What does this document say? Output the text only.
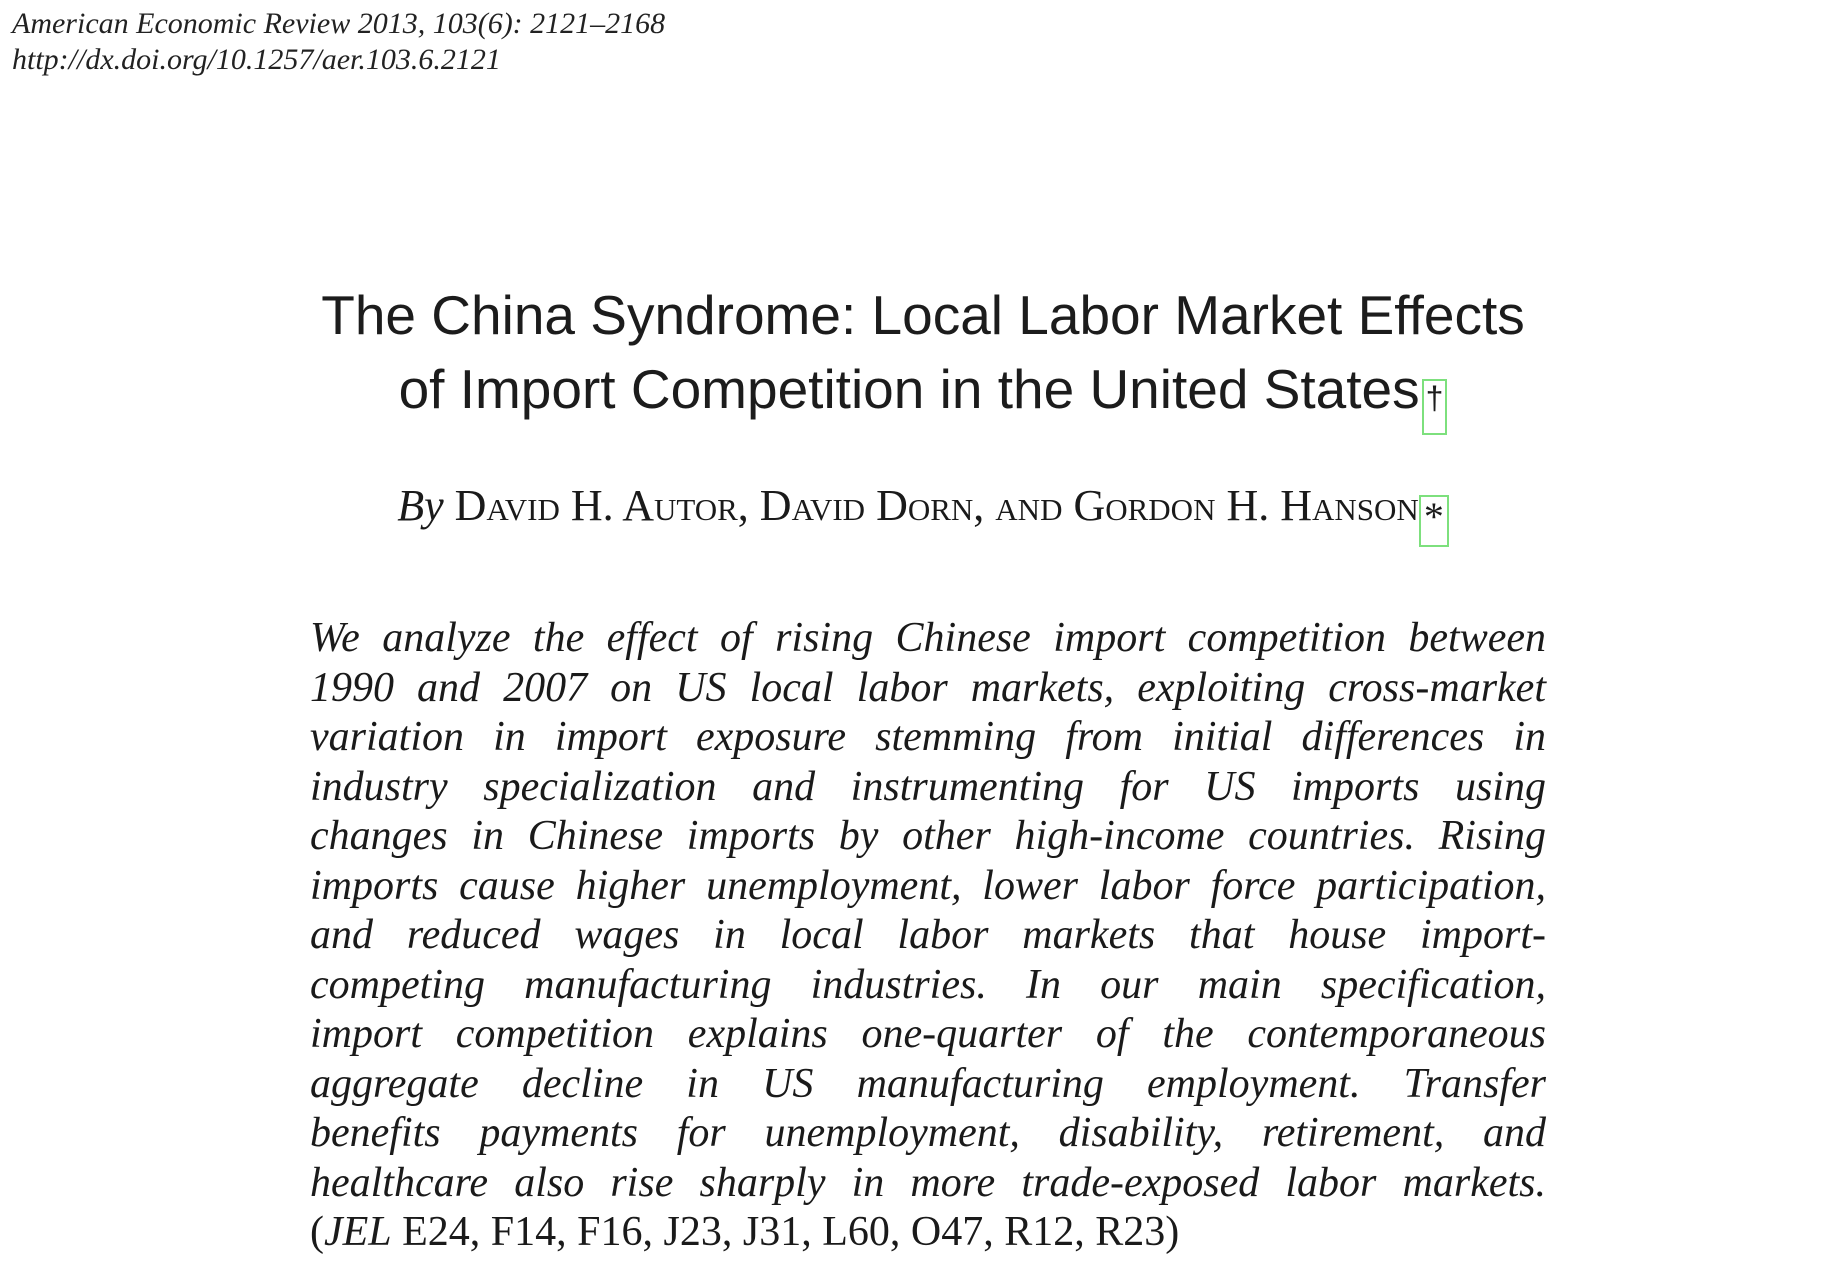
American Economic Review 2013, 103(6): 2121–2168
http://dx.doi.org/10.1257/aer.103.6.2121
The China Syndrome: Local Labor Market Effects
of Import Competition in the United States †
By David H. Autor, David Dorn, and Gordon H. Hanson *
We analyze the effect of rising Chinese import competition between
1990 and 2007 on US local labor markets, exploiting cross-market
variation in import exposure stemming from initial differences in
industry specialization and instrumenting for US imports using
changes in Chinese imports by other high-income countries. Rising
imports cause higher unemployment, lower labor force participation,
and reduced wages in local labor markets that house import-
competing manufacturing industries. In our main specification,
import competition explains one-quarter of the contemporaneous
aggregate decline in US manufacturing employment. Transfer
benefits payments for unemployment, disability, retirement, and
healthcare also rise sharply in more trade-exposed labor markets.
(JEL E24, F14, F16, J23, J31, L60, O47, R12, R23)
